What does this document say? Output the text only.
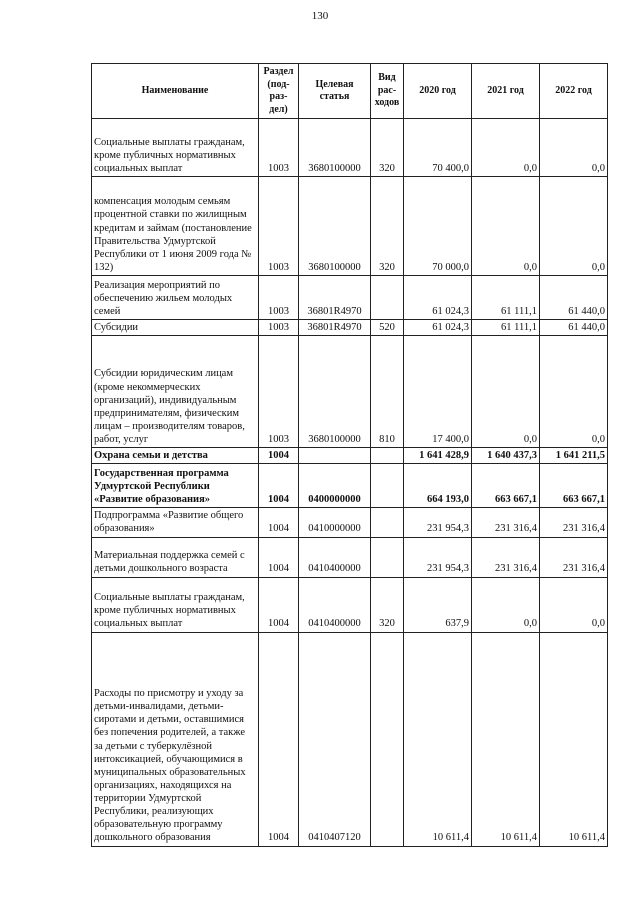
130
Наименование	Раздел (под-раз-дел)	Целевая статья	Вид рас-ходов	2020 год	2021 год	2022 год
Социальные выплаты гражданам, кроме публичных нормативных социальных выплат	1003	3680100000	320	70 400,0	0,0	0,0
компенсация молодым семьям процентной ставки по жилищным кредитам и займам (постановление Правительства Удмуртской Республики от 1 июня 2009 года № 132)	1003	3680100000	320	70 000,0	0,0	0,0
Реализация мероприятий по обеспечению жильем молодых семей	1003	36801R4970		61 024,3	61 111,1	61 440,0
Субсидии	1003	36801R4970	520	61 024,3	61 111,1	61 440,0
Субсидии юридическим лицам (кроме некоммерческих организаций), индивидуальным предпринимателям, физическим лицам – производителям товаров, работ, услуг	1003	3680100000	810	17 400,0	0,0	0,0
Охрана семьи и детства	1004			1 641 428,9	1 640 437,3	1 641 211,5
Государственная программа Удмуртской Республики «Развитие образования»	1004	0400000000		664 193,0	663 667,1	663 667,1
Подпрограмма «Развитие общего образования»	1004	0410000000		231 954,3	231 316,4	231 316,4
Материальная поддержка семей с детьми дошкольного возраста	1004	0410400000		231 954,3	231 316,4	231 316,4
Социальные выплаты гражданам, кроме публичных нормативных социальных выплат	1004	0410400000	320	637,9	0,0	0,0
Расходы по присмотру и уходу за детьми-инвалидами, детьми-сиротами и детьми, оставшимися без попечения родителей, а также за детьми с туберкулёзной интоксикацией, обучающимися в муниципальных образовательных организациях, находящихся на территории Удмуртской Республики, реализующих образовательную программу дошкольного образования	1004	0410407120		10 611,4	10 611,4	10 611,4
